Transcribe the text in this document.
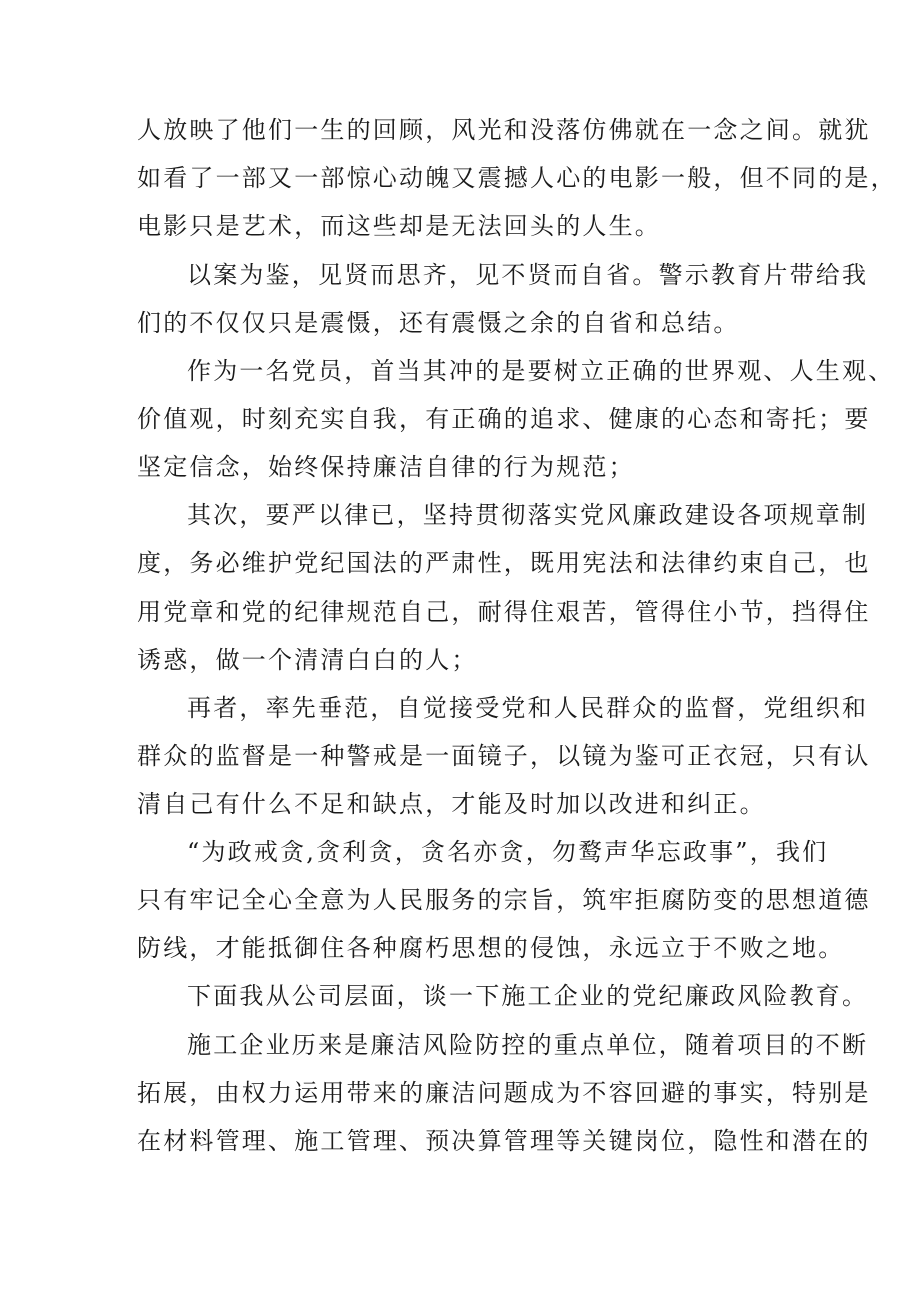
人放映了他们一生的回顾，风光和没落仿佛就在一念之间。就犹
如看了一部又一部惊心动魄又震撼人心的电影一般，但不同的是，
电影只是艺术，而这些却是无法回头的人生。
以案为鉴，见贤而思齐，见不贤而自省。警示教育片带给我
们的不仅仅只是震慑，还有震慑之余的自省和总结。
作为一名党员，首当其冲的是要树立正确的世界观、人生观、
价值观，时刻充实自我，有正确的追求、健康的心态和寄托；要
坚定信念，始终保持廉洁自律的行为规范；
其次，要严以律已，坚持贯彻落实党风廉政建设各项规章制
度，务必维护党纪国法的严肃性，既用宪法和法律约束自己，也
用党章和党的纪律规范自己，耐得住艰苦，管得住小节，挡得住
诱惑，做一个清清白白的人；
再者，率先垂范，自觉接受党和人民群众的监督，党组织和
群众的监督是一种警戒是一面镜子，以镜为鉴可正衣冠，只有认
清自己有什么不足和缺点，才能及时加以改进和纠正。
“为政戒贪,贪利贪，贪名亦贪，勿鹜声华忘政事”，我们
只有牢记全心全意为人民服务的宗旨，筑牢拒腐防变的思想道德
防线，才能抵御住各种腐朽思想的侵蚀，永远立于不败之地。
下面我从公司层面，谈一下施工企业的党纪廉政风险教育。
施工企业历来是廉洁风险防控的重点单位，随着项目的不断
拓展，由权力运用带来的廉洁问题成为不容回避的事实，特别是
在材料管理、施工管理、预决算管理等关键岗位，隐性和潜在的
